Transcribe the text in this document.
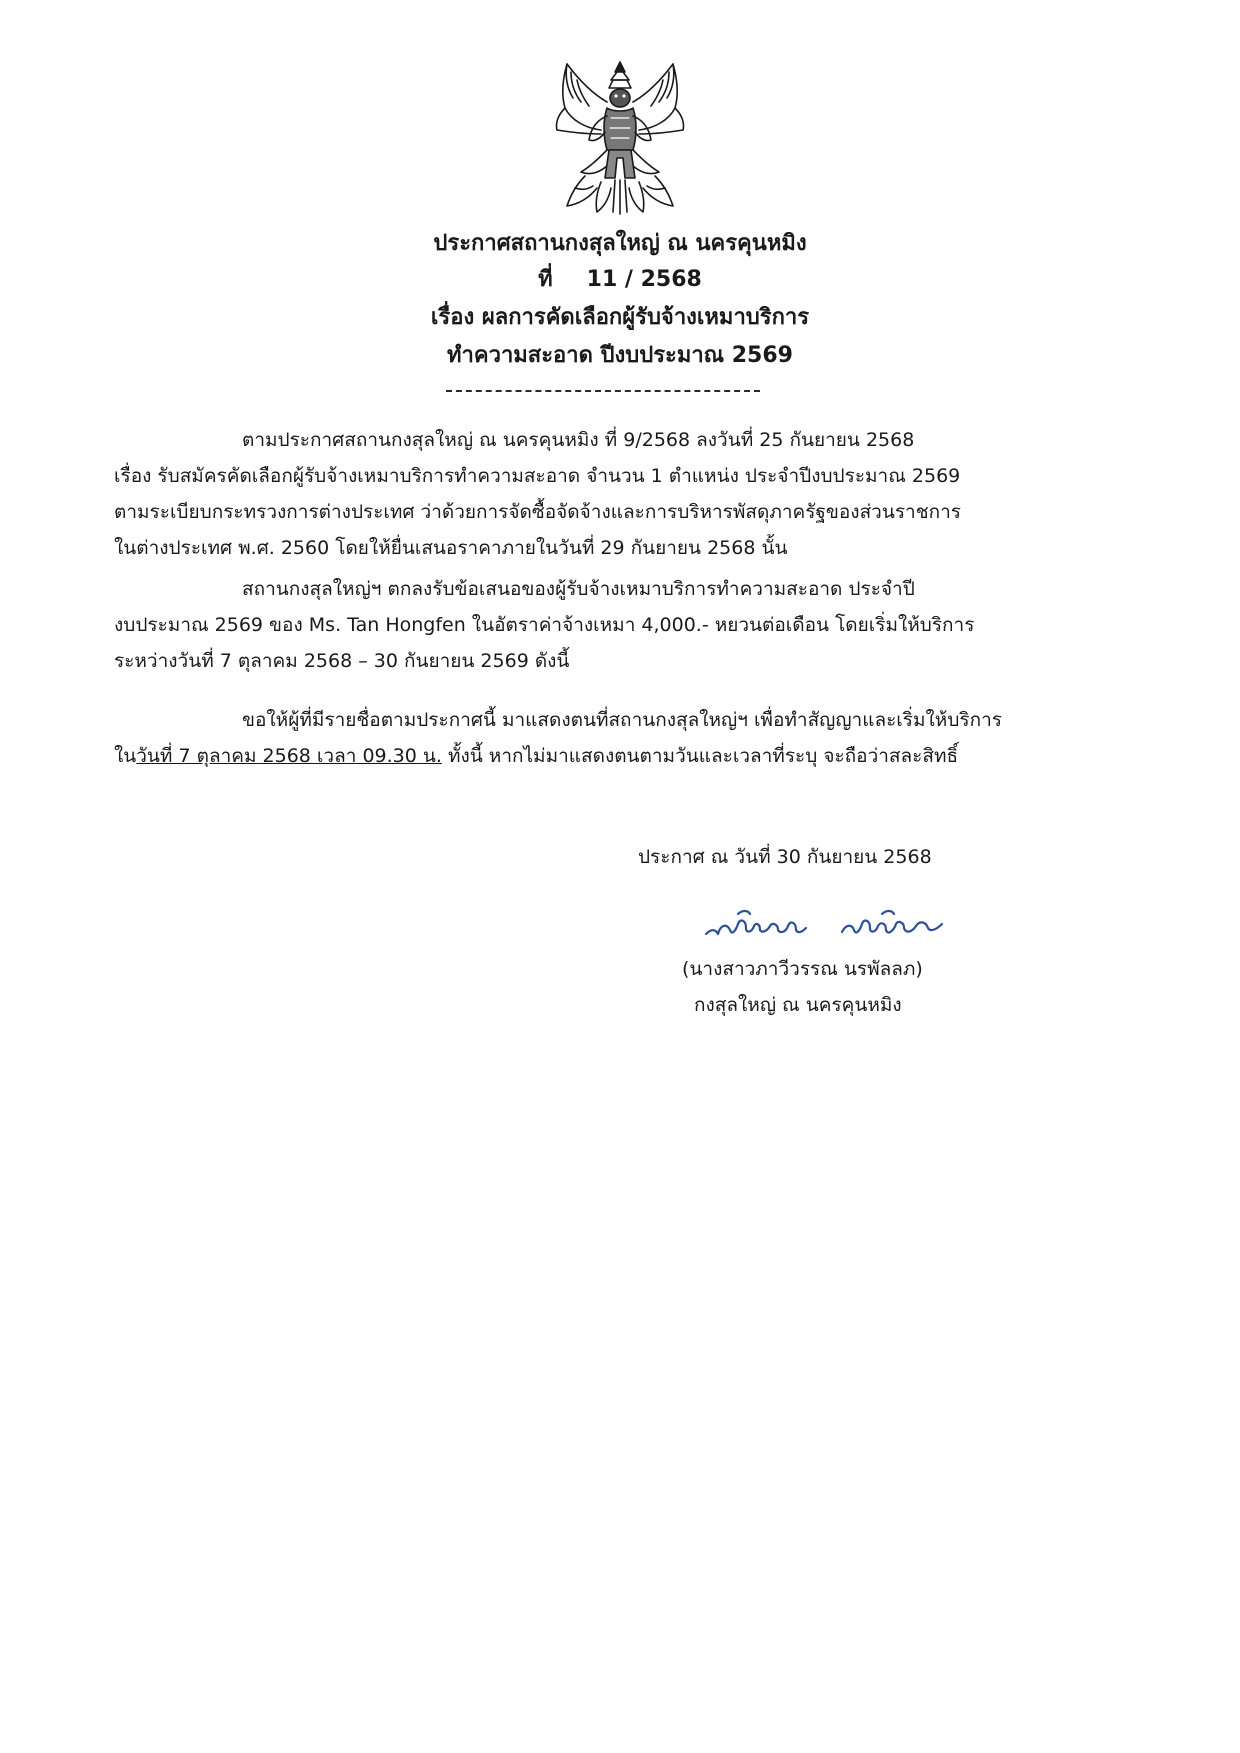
ประกาศสถานกงสุลใหญ่ ณ นครคุนหมิง
ที่ 11 / 2568
เรื่อง ผลการคัดเลือกผู้รับจ้างเหมาบริการ
ทำความสะอาด ปีงบประมาณ 2569
ตามประกาศสถานกงสุลใหญ่ ณ นครคุนหมิง ที่ 9/2568 ลงวันที่ 25 กันยายน 2568
เรื่อง รับสมัครคัดเลือกผู้รับจ้างเหมาบริการทำความสะอาด จำนวน 1 ตำแหน่ง ประจำปีงบประมาณ 2569
ตามระเบียบกระทรวงการต่างประเทศ ว่าด้วยการจัดซื้อจัดจ้างและการบริหารพัสดุภาครัฐของส่วนราชการ
ในต่างประเทศ พ.ศ. 2560 โดยให้ยื่นเสนอราคาภายในวันที่ 29 กันยายน 2568 นั้น
สถานกงสุลใหญ่ฯ ตกลงรับข้อเสนอของผู้รับจ้างเหมาบริการทำความสะอาด ประจำปี
งบประมาณ 2569 ของ Ms. Tan Hongfen ในอัตราค่าจ้างเหมา 4,000.- หยวนต่อเดือน โดยเริ่มให้บริการ
ระหว่างวันที่ 7 ตุลาคม 2568 – 30 กันยายน 2569 ดังนี้
ขอให้ผู้ที่มีรายชื่อตามประกาศนี้ มาแสดงตนที่สถานกงสุลใหญ่ฯ เพื่อทำสัญญาและเริ่มให้บริการ
ในวันที่ 7 ตุลาคม 2568 เวลา 09.30 น. ทั้งนี้ หากไม่มาแสดงตนตามวันและเวลาที่ระบุ จะถือว่าสละสิทธิ์
ประกาศ ณ วันที่ 30 กันยายน 2568
(นางสาวภาวีวรรณ นรพัลลภ)
กงสุลใหญ่ ณ นครคุนหมิง
